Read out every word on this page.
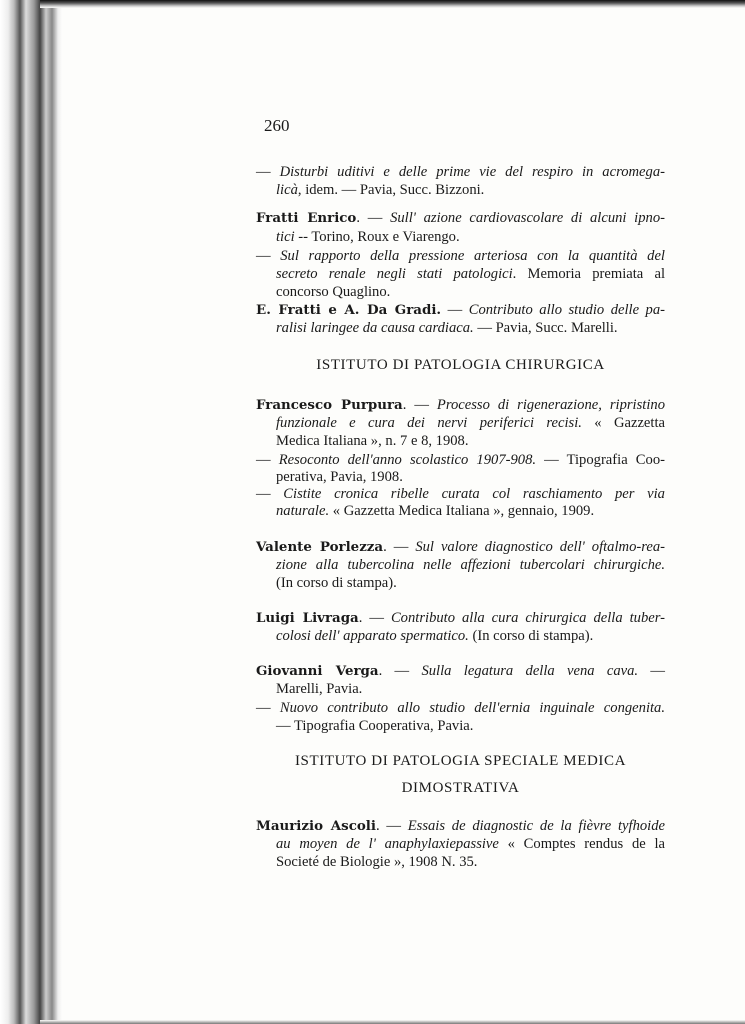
260
— Disturbi uditivi e delle prime vie del respiro in acromega-
licà, idem. — Pavia, Succ. Bizzoni.
Fratti Enrico. — Sull' azione cardiovascolare di alcuni ipno-
tici -- Torino, Roux e Viarengo.
— Sul rapporto della pressione arteriosa con la quantità del
secreto renale negli stati patologici. Memoria premiata al
concorso Quaglino.
E. Fratti e A. Da Gradi. — Contributo allo studio delle pa-
ralisi laringee da causa cardiaca. — Pavia, Succ. Marelli.
ISTITUTO DI PATOLOGIA CHIRURGICA
Francesco Purpura. — Processo di rigenerazione, ripristino
funzionale e cura dei nervi periferici recisi. « Gazzetta
Medica Italiana », n. 7 e 8, 1908.
— Resoconto dell'anno scolastico 1907-908. — Tipografia Coo-
perativa, Pavia, 1908.
— Cistite cronica ribelle curata col raschiamento per via
naturale. « Gazzetta Medica Italiana », gennaio, 1909.
Valente Porlezza. — Sul valore diagnostico dell' oftalmo-rea-
zione alla tubercolina nelle affezioni tubercolari chirurgiche.
(In corso di stampa).
Luigi Livraga. — Contributo alla cura chirurgica della tuber-
colosi dell' apparato spermatico. (In corso di stampa).
Giovanni Verga. — Sulla legatura della vena cava. —
Marelli, Pavia.
— Nuovo contributo allo studio dell'ernia inguinale congenita.
— Tipografia Cooperativa, Pavia.
ISTITUTO DI PATOLOGIA SPECIALE MEDICA
DIMOSTRATIVA
Maurizio Ascoli. — Essais de diagnostic de la fièvre tyfhoide
au moyen de l' anaphylaxiepassive « Comptes rendus de la
Societé de Biologie », 1908 N. 35.
